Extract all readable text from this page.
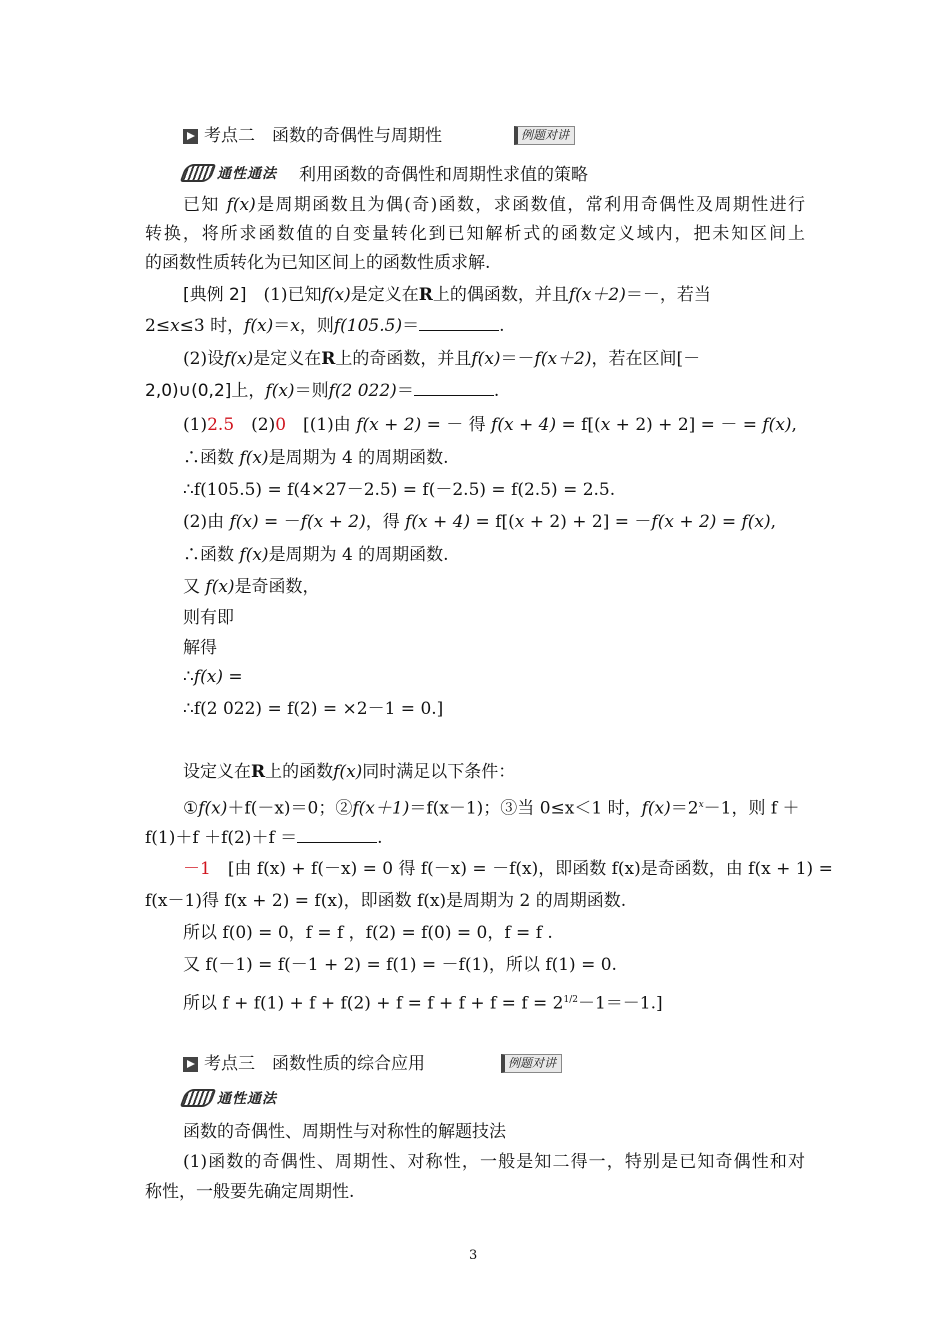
考点二　函数的奇偶性与周期性	例题对讲
通性通法 利用函数的奇偶性和周期性求值的策略
已知 f(x)是周期函数且为偶(奇)函数，求函数值，常利用奇偶性及周期性进行
转换，将所求函数值的自变量转化到已知解析式的函数定义域内，把未知区间上
的函数性质转化为已知区间上的函数性质求解.
[典例 2]　(1)已知f(x)是定义在R上的偶函数，并且f(x＋2)＝－，若当
2≤x≤3 时，f(x)＝x，则f(105.5)＝	.
(2)设f(x)是定义在R上的奇函数，并且f(x)＝－f(x＋2)，若在区间[－
2,0)∪(0,2]上，f(x)＝则f(2 022)＝	.
(1)2.5　(2)0　[(1)由 f(x + 2) = － 得 f(x + 4) = f[(x + 2) + 2] = － = f(x),
∴函数 f(x)是周期为 4 的周期函数.
∴f(105.5) = f(4×27－2.5) = f(－2.5) = f(2.5) = 2.5.
(2)由 f(x) = －f(x + 2)，得 f(x + 4) = f[(x + 2) + 2] = －f(x + 2) = f(x),
∴函数 f(x)是周期为 4 的周期函数.
又 f(x)是奇函数，
则有即
解得
∴f(x) =
∴f(2 022) = f(2) = ×2－1 = 0.]
设定义在R上的函数f(x)同时满足以下条件：
①f(x)＋f(－x)＝0；②f(x＋1)＝f(x－1)；③当 0≤x＜1 时，$f(x)=2^x-1$，则 f ＋
f(1)＋f ＋f(2)＋f ＝	.
－1　[由 f(x) + f(－x) = 0 得 f(－x) = －f(x)，即函数 f(x)是奇函数，由 f(x + 1) =
f(x－1)得 f(x + 2) = f(x)，即函数 f(x)是周期为 2 的周期函数.
所以 f(0) = 0，f = f ，f(2) = f(0) = 0，f = f .
又 f(－1) = f(－1 + 2) = f(1) = －f(1)，所以 f(1) = 0.
所以 $f + f(1) + f + f(2) + f = f + f + f = f = 2^{1/2}-1=-1$.]
考点三　函数性质的综合应用	例题对讲
通性通法
函数的奇偶性、周期性与对称性的解题技法
(1)函数的奇偶性、周期性、对称性，一般是知二得一，特别是已知奇偶性和对
称性，一般要先确定周期性.
3
